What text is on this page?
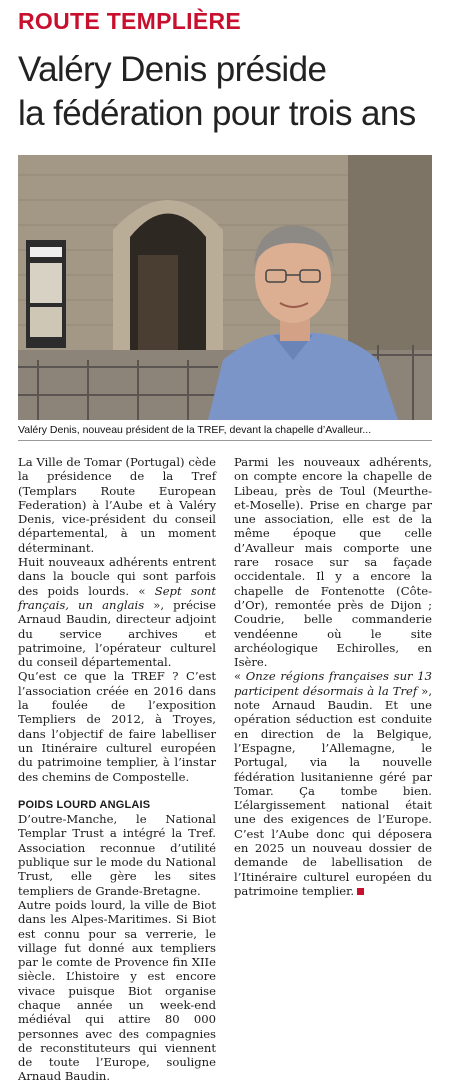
ROUTE TEMPLIÈRE
Valéry Denis préside
la fédération pour trois ans
Valéry Denis, nouveau président de la TREF, devant la chapelle d’Avalleur...

La Ville de Tomar (Portugal) cède la présidence de la Tref (Templars Route European Federation) à l’Aube et à Valéry Denis, vice-président du conseil départemental, à un moment déterminant.

Huit nouveaux adhérents entrent dans la boucle qui sont parfois des poids lourds. « Sept sont français, un anglais », précise Arnaud Baudin, directeur adjoint du service archives et patrimoine, l’opérateur culturel du conseil départemental.

Qu’est ce que la TREF ? C’est l’association créée en 2016 dans la foulée de l’exposition Templiers de 2012, à Troyes, dans l’objectif de faire labelliser un Itinéraire culturel européen du patrimoine templier, à l’instar des chemins de Compostelle.

POIDS LOURD ANGLAIS

D’outre-Manche, le National Templar Trust a intégré la Tref. Association reconnue d’utilité publique sur le mode du National Trust, elle gère les sites templiers de Grande-Bretagne.

Autre poids lourd, la ville de Biot dans les Alpes-Maritimes. Si Biot est connu pour sa verrerie, le village fut donné aux templiers par le comte de Provence fin XIIe siècle. L’histoire y est encore vivace puisque Biot organise chaque année un week-end médiéval qui attire 80 000 personnes avec des compagnies de reconstituteurs qui viennent de toute l’Europe, souligne Arnaud Baudin.

Parmi les nouveaux adhérents, on compte encore la chapelle de Libeau, près de Toul (Meurthe-et-Moselle). Prise en charge par une association, elle est de la même époque que celle d’Avalleur mais comporte une rare rosace sur sa façade occidentale. Il y a encore la chapelle de Fontenotte (Côte-d’Or), remontée près de Dijon ; Coudrie, belle commanderie vendéenne où le site archéologique Echirolles, en Isère.

« Onze régions françaises sur 13 participent désormais à la Tref », note Arnaud Baudin. Et une opération séduction est conduite en direction de la Belgique, l’Espagne, l’Allemagne, le Portugal, via la nouvelle fédération lusitanienne géré par Tomar. Ça tombe bien. L’élargissement national était une des exigences de l’Europe. C’est l’Aube donc qui déposera en 2025 un nouveau dossier de demande de labellisation de l’Itinéraire culturel européen du patrimoine templier.
